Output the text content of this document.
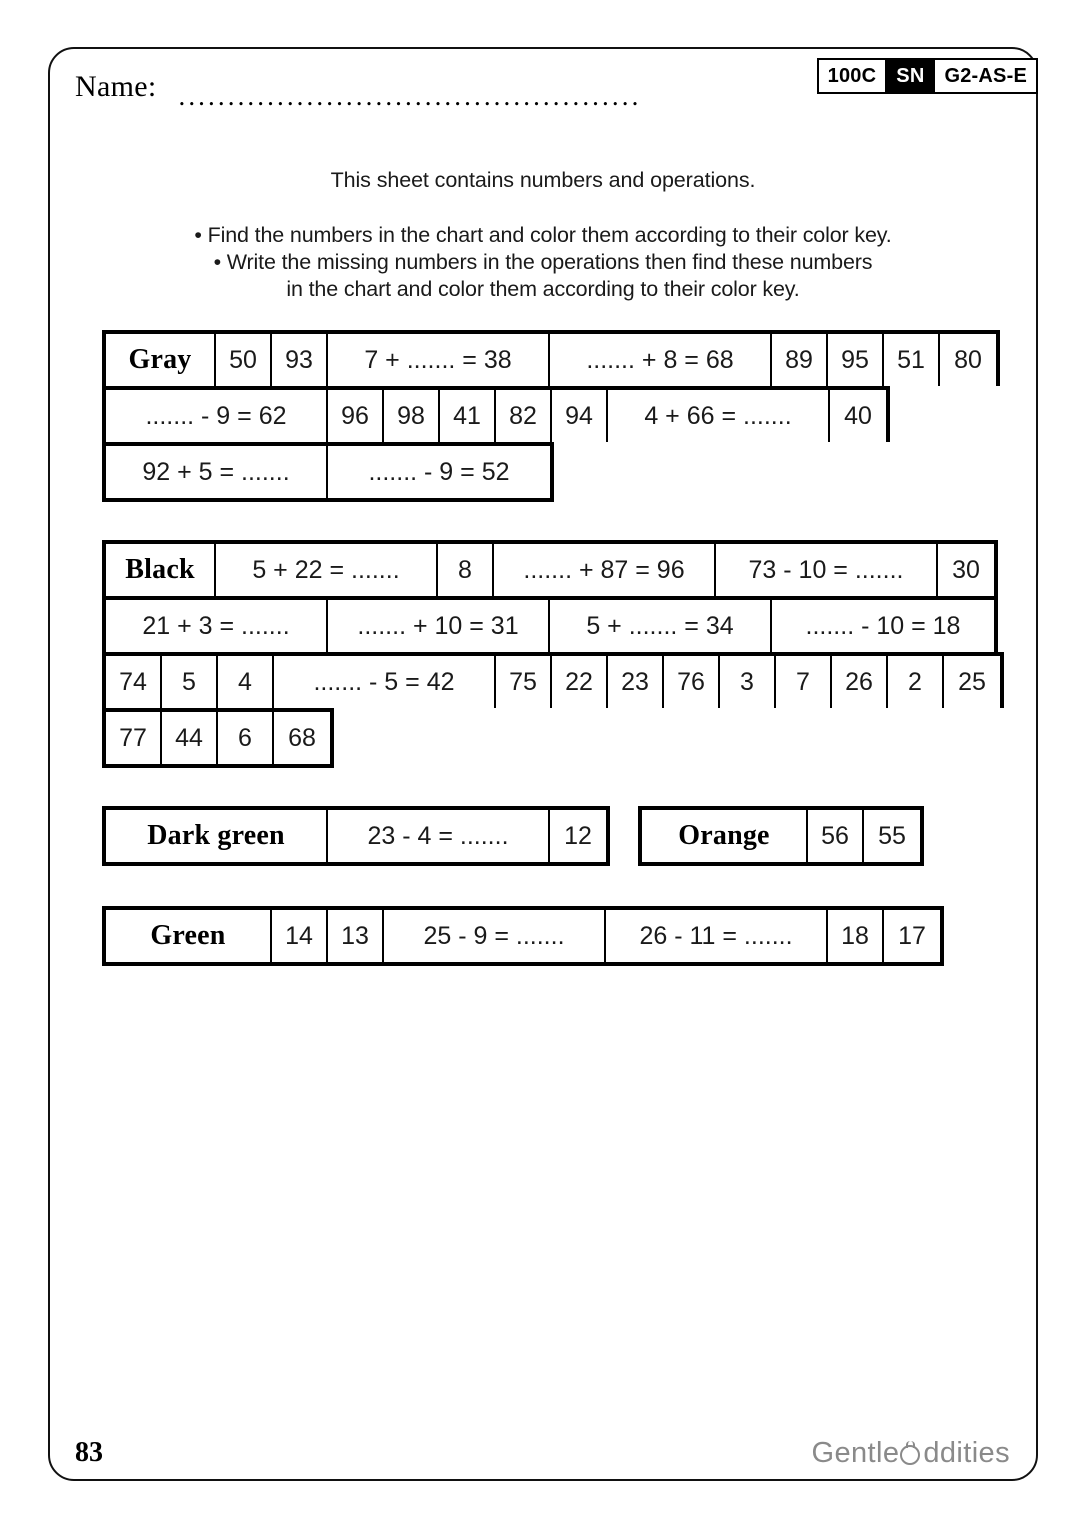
Name: ...............................................
100C	SN	G2-AS-E
This sheet contains numbers and operations.
• Find the numbers in the chart and color them according to their color key.
• Write the missing numbers in the operations then find these numbers
in the chart and color them according to their color key.
Gray	50	93	7 + ....... = 38	....... + 8 = 68	89	95	51	80
....... - 9 = 62	96	98	41	82	94	4 + 66 = .......	40
92 + 5 = .......	....... - 9 = 52
Black	5 + 22 = .......	8	....... + 87 = 96	73 - 10 = .......	30
21 + 3 = .......	....... + 10 = 31	5 + ....... = 34	....... - 10 = 18
74	5	4	....... - 5 = 42	75	22	23	76	3	7	26	2	25
77	44	6	68
Dark green	23 - 4 = .......	12	Orange	56	55
Green	14	13	25 - 9 = .......	26 - 11 = .......	18	17
83	Gentle ddities
